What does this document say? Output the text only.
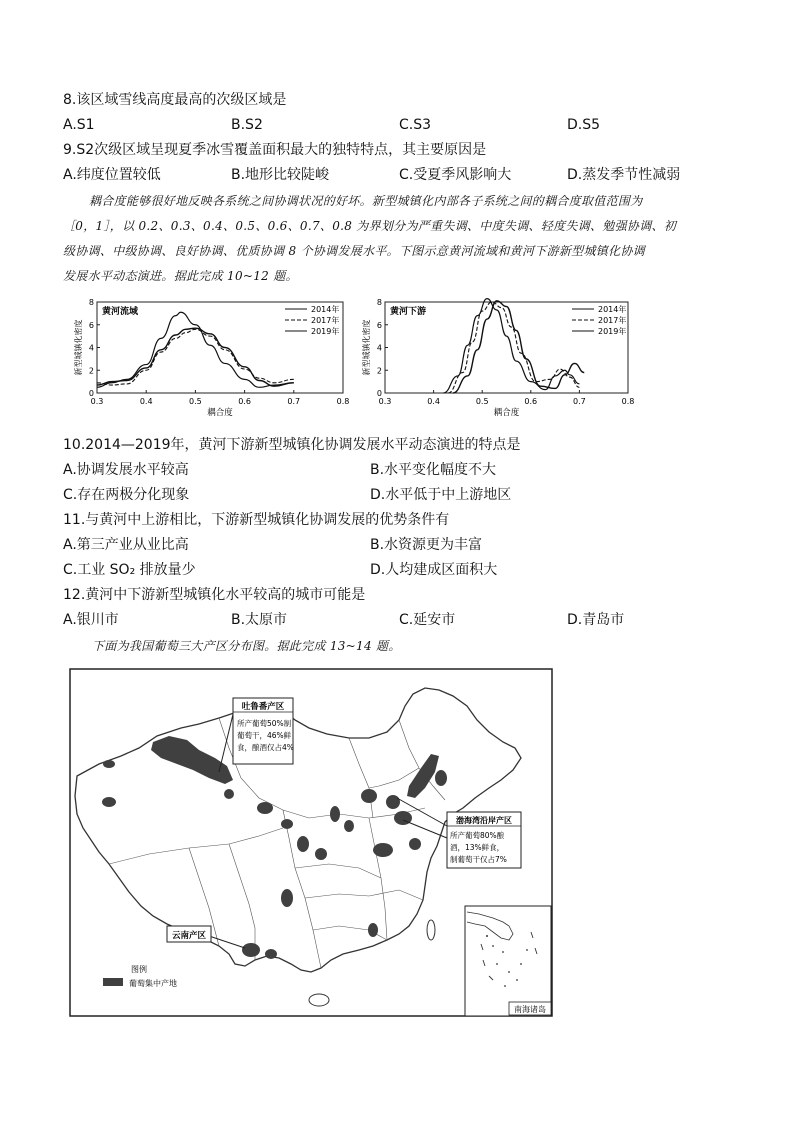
8.该区域雪线高度最高的次级区域是
A.S1	B.S2	C.S3	D.S5
9.S2次级区域呈现夏季冰雪覆盖面积最大的独特特点，其主要原因是
A.纬度位置较低	B.地形比较陡峻	C.受夏季风影响大	D.蒸发季节性减弱
耦合度能够很好地反映各系统之间协调状况的好坏。新型城镇化内部各子系统之间的耦合度取值范围为
［0，1］，以 0.2、0.3、0.4、0.5、0.6、0.7、0.8 为界划分为严重失调、中度失调、轻度失调、勉强协调、初
级协调、中级协调、良好协调、优质协调 8 个协调发展水平。下图示意黄河流域和黄河下游新型城镇化协调
发展水平动态演进。据此完成 10~12 题。
0
2
4
6
8
0.3	0.4	0.5	0.6	0.7	0.8
耦合度
新型城镇化密度
黄河流域	2014年
2017年
2019年
0
2
4
6
8
0.3	0.4	0.5	0.6	0.7	0.8
耦合度
新型城镇化密度
黄河下游	2014年
2017年
2019年
10.2014—2019年，黄河下游新型城镇化协调发展水平动态演进的特点是
A.协调发展水平较高	B.水平变化幅度不大
C.存在两极分化现象	D.水平低于中上游地区
11.与黄河中上游相比，下游新型城镇化协调发展的优势条件有
A.第三产业从业比高	B.水资源更为丰富
C.工业 SO₂ 排放量少	D.人均建成区面积大
12.黄河中下游新型城镇化水平较高的城市可能是
A.银川市	B.太原市	C.延安市	D.青岛市
下面为我国葡萄三大产区分布图。据此完成 13~14 题。
吐鲁番产区
所产葡萄50%制
葡萄干，46%鲜
食，酿酒仅占4%
渤海湾沿岸产区
所产葡萄80%酿
酒，13%鲜食，
制葡萄干仅占7%
云南产区
图例
葡萄集中产地
南海诸岛
